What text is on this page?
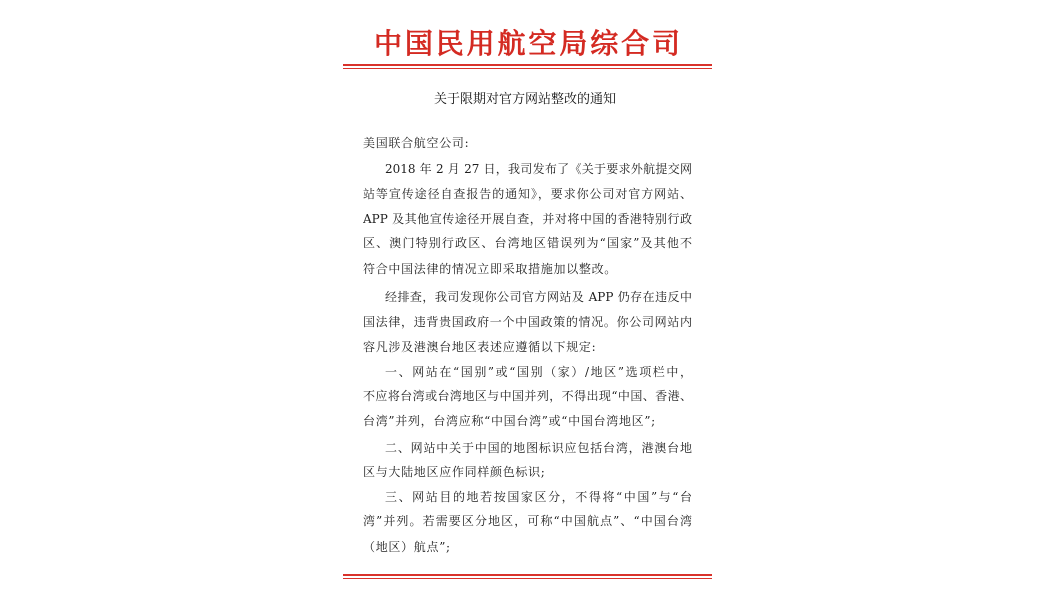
中国民用航空局综合司
关于限期对官方网站整改的通知
美国联合航空公司:
2018 年 2 月 27 日，我司发布了《关于要求外航提交网
站等宣传途径自查报告的通知》，要求你公司对官方网站、
APP 及其他宣传途径开展自查，并对将中国的香港特别行政
区、澳门特别行政区、台湾地区错误列为“国家”及其他不
符合中国法律的情况立即采取措施加以整改。
经排查，我司发现你公司官方网站及 APP 仍存在违反中
国法律，违背贵国政府一个中国政策的情况。你公司网站内
容凡涉及港澳台地区表述应遵循以下规定:
一、网站在“国别”或“国别（家）/地区”选项栏中，
不应将台湾或台湾地区与中国并列，不得出现“中国、香港、
台湾”并列，台湾应称“中国台湾”或“中国台湾地区”;
二、网站中关于中国的地图标识应包括台湾，港澳台地
区与大陆地区应作同样颜色标识;
三、网站目的地若按国家区分，不得将“中国”与“台
湾”并列。若需要区分地区，可称“中国航点”、“中国台湾
（地区）航点”;
